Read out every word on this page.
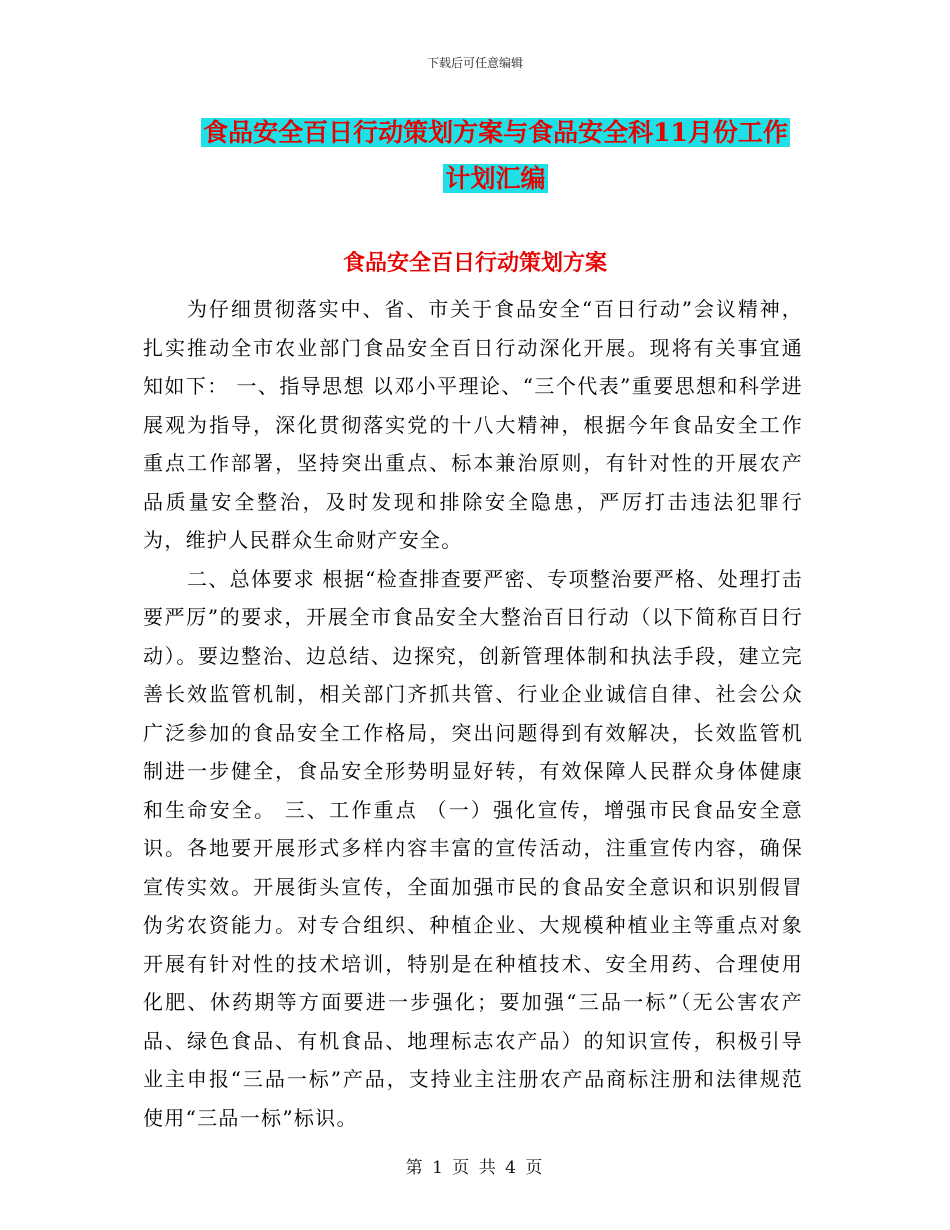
下载后可任意编辑
食品安全百日行动策划方案与食品安全科11月份工作
计划汇编
食品安全百日行动策划方案

为仔细贯彻落实中、省、市关于食品安全“百日行动”会议精神，扎实推动全市农业部门食品安全百日行动深化开展。现将有关事宜通知如下： 一、指导思想 以邓小平理论、“三个代表”重要思想和科学进展观为指导，深化贯彻落实党的十八大精神，根据今年食品安全工作重点工作部署，坚持突出重点、标本兼治原则，有针对性的开展农产品质量安全整治，及时发现和排除安全隐患，严厉打击违法犯罪行为，维护人民群众生命财产安全。

二、总体要求 根据“检查排查要严密、专项整治要严格、处理打击要严厉”的要求，开展全市食品安全大整治百日行动（以下简称百日行动）。要边整治、边总结、边探究，创新管理体制和执法手段，建立完善长效监管机制，相关部门齐抓共管、行业企业诚信自律、社会公众广泛参加的食品安全工作格局，突出问题得到有效解决，长效监管机制进一步健全，食品安全形势明显好转，有效保障人民群众身体健康和生命安全。 三、工作重点 （一）强化宣传，增强市民食品安全意识。各地要开展形式多样内容丰富的宣传活动，注重宣传内容，确保宣传实效。开展街头宣传，全面加强市民的食品安全意识和识别假冒伪劣农资能力。对专合组织、种植企业、大规模种植业主等重点对象开展有针对性的技术培训，特别是在种植技术、安全用药、合理使用化肥、休药期等方面要进一步强化；要加强“三品一标”（无公害农产品、绿色食品、有机食品、地理标志农产品）的知识宣传，积极引导业主申报“三品一标”产品，支持业主注册农产品商标注册和法律规范使用“三品一标”标识。

第 1 页 共 4 页
